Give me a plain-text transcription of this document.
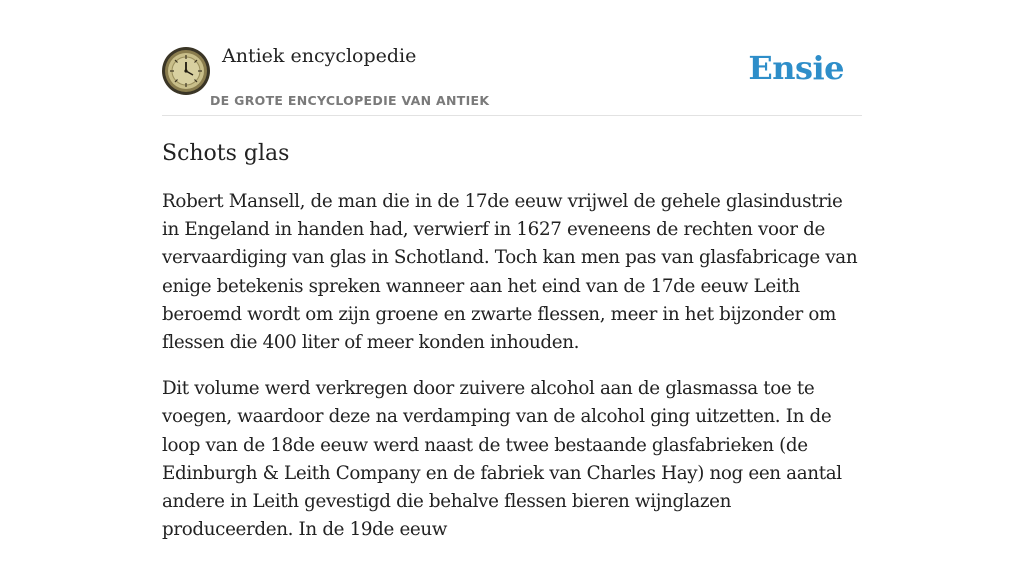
Antiek encyclopedie
DE GROTE ENCYCLOPEDIE VAN ANTIEK
Ensie
Schots glas

Robert Mansell, de man die in de 17de eeuw vrijwel de gehele glasindustrie in Engeland in handen had, verwierf in 1627 eveneens de rechten voor de vervaardiging van glas in Schotland. Toch kan men pas van glasfabricage van enige betekenis spreken wanneer aan het eind van de 17de eeuw Leith beroemd wordt om zijn groene en zwarte flessen, meer in het bijzonder om flessen die 400 liter of meer konden inhouden.

Dit volume werd verkregen door zuivere alcohol aan de glasmassa toe te voegen, waardoor deze na verdamping van de alcohol ging uitzetten. In de loop van de 18de eeuw werd naast de twee bestaande glasfabrieken (de Edinburgh & Leith Company en de fabriek van Charles Hay) nog een aantal andere in Leith gevestigd die behalve flessen bieren wijnglazen produceerden. In de 19de eeuw
